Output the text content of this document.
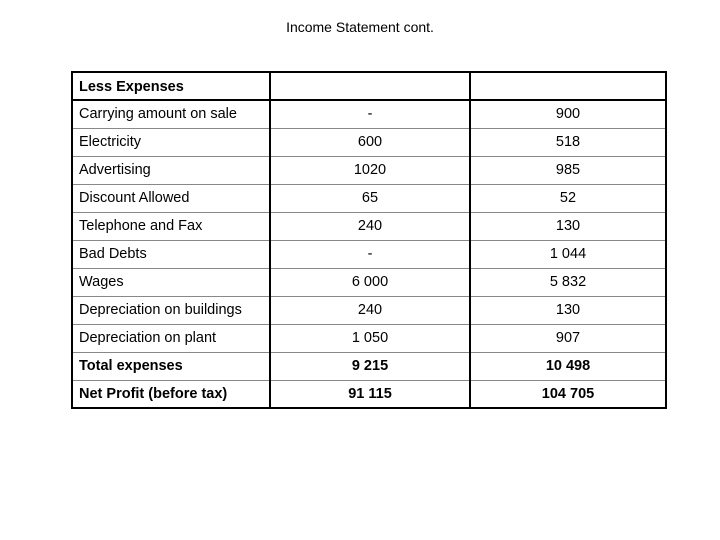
Income Statement cont.
Less Expenses		
Carrying amount on sale	-	900
Electricity	600	518
Advertising	1020	985
Discount Allowed	65	52
Telephone and Fax	240	130
Bad Debts	-	1 044
Wages	6 000	5 832
Depreciation on buildings	240	130
Depreciation on plant	1 050	907
Total expenses	9 215	10 498
Net Profit (before tax)	91 115	104 705
